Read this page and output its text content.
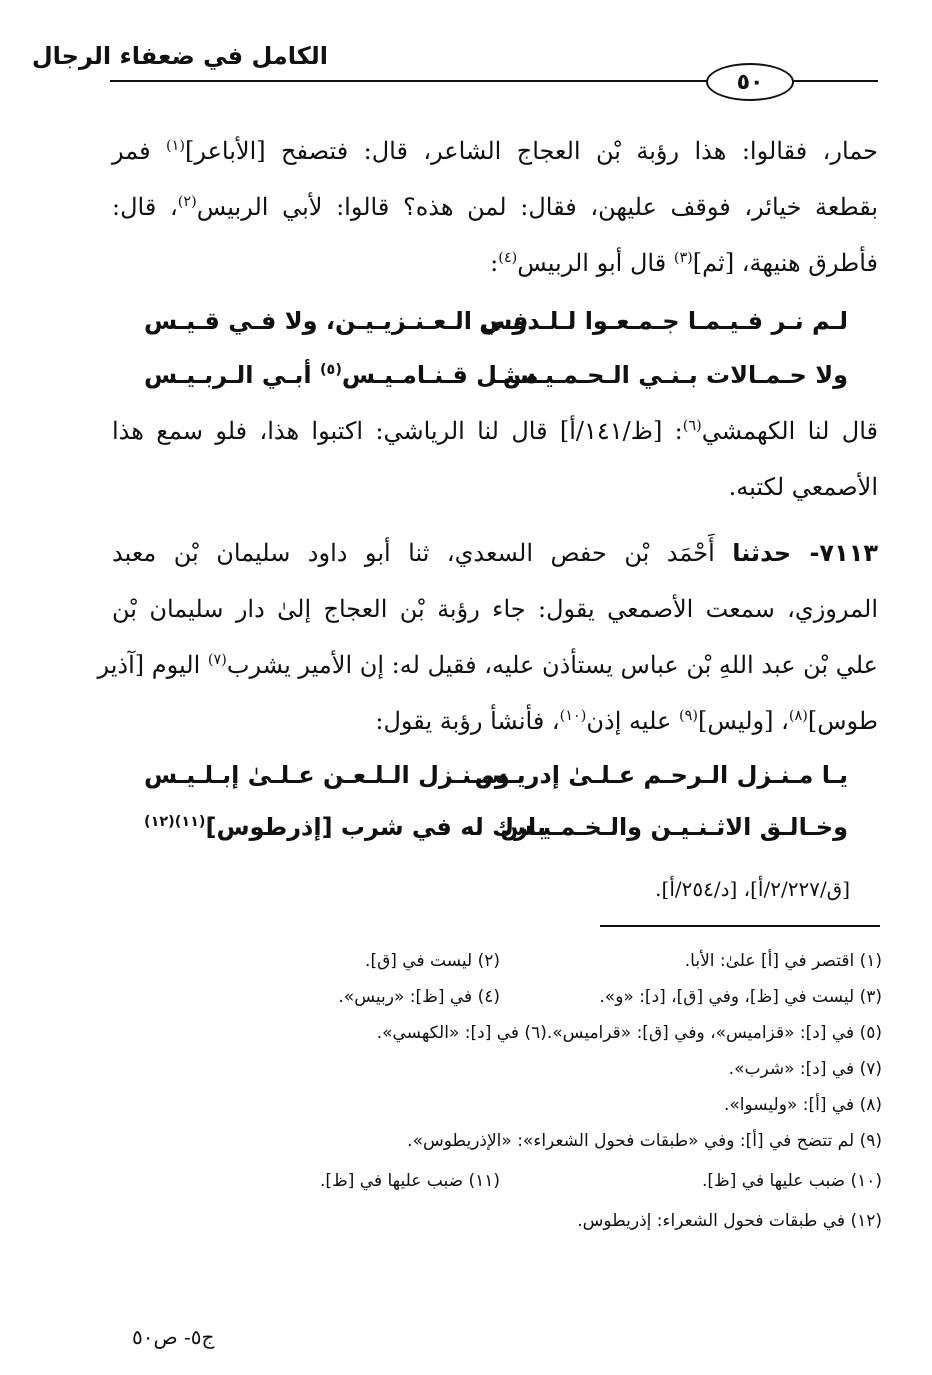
الكامل في ضعفاء الرجال
٥٠
حمار، فقالوا: هذا رؤبة بْن العجاج الشاعر، قال: فتصفح [الأباعر]$^{(١)}$ فمر
بقطعة خيائر، فوقف عليهن، فقال: لمن هذه؟ قالوا: لأبي الربيس$^{(٢)}$، قال:
فأطرق هنيهة، [ثم]$^{(٣)}$ قال أبو الربيس$^{(٤)}$:
لـم نـر فـيـمـا جـمـعـوا لـلـدوس
فـي الـعـنـزيـيـن، ولا فـي قـيـس
ولا حـمـالات بـنـي الـحـمـيـس
مـثـل قـنـامـيـس$^{(٥)}$ أبـي الـربـيـس
قال لنا الكهمشي$^{(٦)}$: [ظ/١٤١/أ] قال لنا الرياشي: اكتبوا هذا، فلو سمع هذا
الأصمعي لكتبه.
٧١١٣- حدثنا أَحْمَد بْن حفص السعدي، ثنا أبو داود سليمان بْن معبد
المروزي، سمعت الأصمعي يقول: جاء رؤبة بْن العجاج إلىٰ دار سليمان بْن
علي بْن عبد اللهِ بْن عباس يستأذن عليه، فقيل له: إن الأمير يشرب$^{(٧)}$ اليوم [آذير
طوس]$^{(٨)}$، [وليس]$^{(٩)}$ عليه إذن$^{(١٠)}$، فأنشأ رؤبة يقول:
يـا مـنـزل الـرحـم عـلـىٰ إدريـس
ومـنـزل الـلـعـن عـلـىٰ إبـلـيـس
وخـالـق الاثـنـيـن والـخـمـيـس
بارك له في شرب [إذرطوس]$^{(١١)(١٢)}$
[ق/٢/٢٢٧/أ]، [د/٢٥٤/أ].
(١) اقتصر في [أ] علىٰ: الأبا.
(٢) ليست في [ق].
(٣) ليست في [ظ]، وفي [ق]، [د]: «و».
(٤) في [ظ]: «ربيس».
(٥) في [د]: «قزاميس»، وفي [ق]: «قراميس».(٦) في [د]: «الكهسي».
(٧) في [د]: «شرب».
(٨) في [أ]: «وليسوا».
(٩) لم تتضح في [أ]: وفي «طبقات فحول الشعراء»: «الإذريطوس».
(١٠) ضبب عليها في [ظ].
(١١) ضبب عليها في [ظ].
(١٢) في طبقات فحول الشعراء: إذريطوس.
ج٥- ص٥٠
